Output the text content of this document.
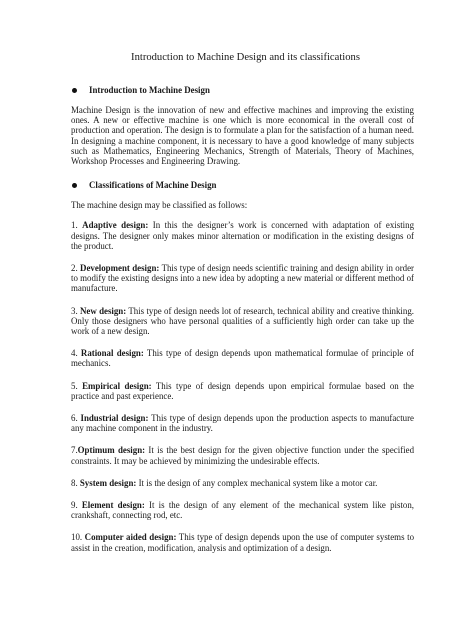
Introduction to Machine Design and its classifications
Introduction to Machine Design

Machine Design is the innovation of new and effective machines and improving the existing ones. A new or effective machine is one which is more economical in the overall cost of production and operation. The design is to formulate a plan for the satisfaction of a human need. In designing a machine component, it is necessary to have a good knowledge of many subjects such as Mathematics, Engineering Mechanics, Strength of Materials, Theory of Machines, Workshop Processes and Engineering Drawing.

Classifications of Machine Design

The machine design may be classified as follows:

1. Adaptive design: In this the designer’s work is concerned with adaptation of existing designs. The designer only makes minor alternation or modification in the existing designs of the product.

2. Development design: This type of design needs scientific training and design ability in order to modify the existing designs into a new idea by adopting a new material or different method of manufacture.

3. New design: This type of design needs lot of research, technical ability and creative thinking. Only those designers who have personal qualities of a sufficiently high order can take up the work of a new design.

4. Rational design: This type of design depends upon mathematical formulae of principle of mechanics.

5. Empirical design: This type of design depends upon empirical formulae based on the practice and past experience.

6. Industrial design: This type of design depends upon the production aspects to manufacture any machine component in the industry.

7.Optimum design: It is the best design for the given objective function under the specified constraints. It may be achieved by minimizing the undesirable effects.

8. System design: It is the design of any complex mechanical system like a motor car.

9. Element design: It is the design of any element of the mechanical system like piston, crankshaft, connecting rod, etc.

10. Computer aided design: This type of design depends upon the use of computer systems to assist in the creation, modification, analysis and optimization of a design.
